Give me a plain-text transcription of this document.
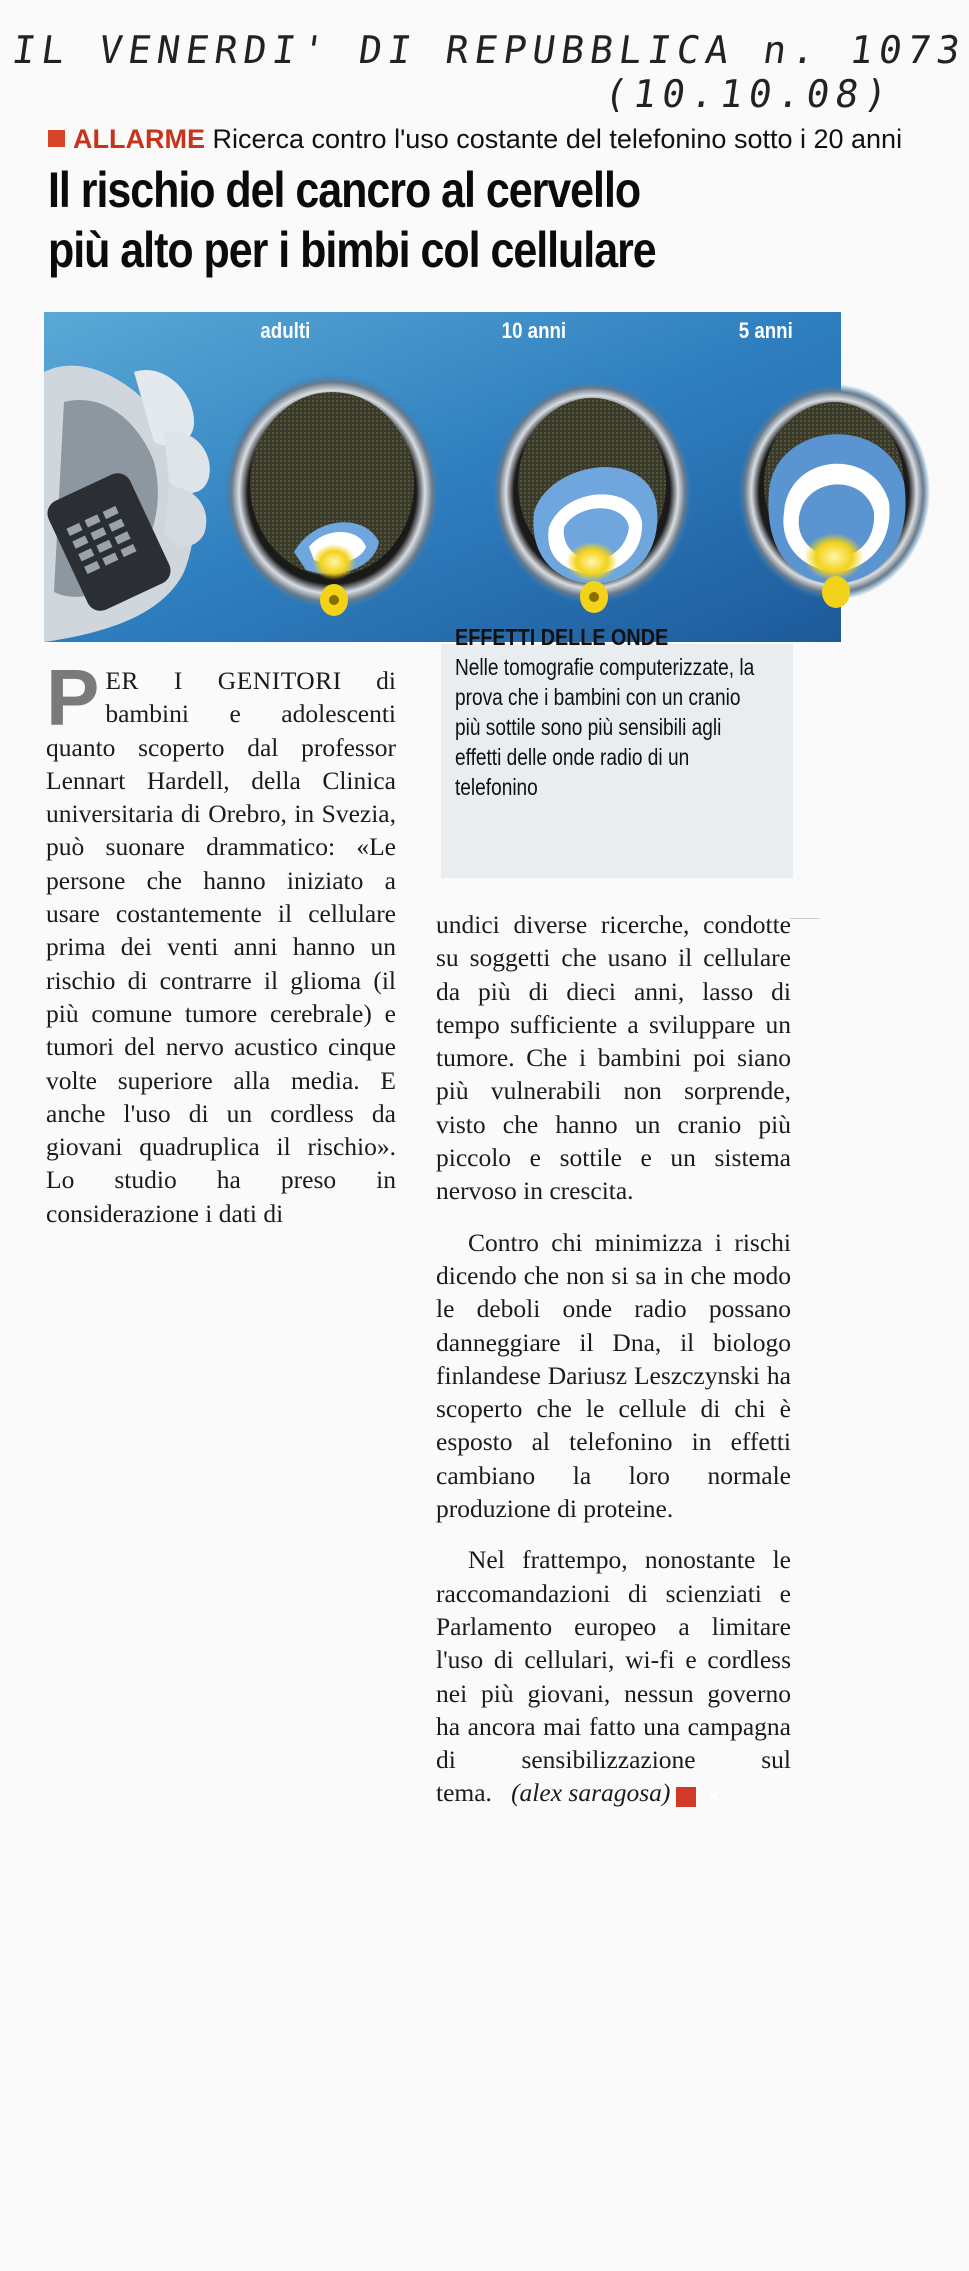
IL VENERDI' DI REPUBBLICA n. 1073
(10.10.08)
ALLARME Ricerca contro l'uso costante del telefonino sotto i 20 anni
Il rischio del cancro al cervello
più alto per i bimbi col cellulare
adulti	10 anni	5 anni
EFFETTI DELLE ONDE
Nelle tomografie computerizzate, la prova che i bambini con un cranio più sottile sono più sensibili agli effetti delle onde radio di un telefonino

PER I GENITORI di bambini e adolescenti quanto scoperto dal professor Lennart Hardell, della Clinica universitaria di Orebro, in Svezia, può suonare drammatico: «Le persone che hanno iniziato a usare costantemente il cellulare prima dei venti anni hanno un rischio di contrarre il glioma (il più comune tumore cerebrale) e tumori del nervo acustico cinque volte superiore alla media. E anche l'uso di un cordless da giovani quadruplica il rischio». Lo studio ha preso in considerazione i dati di

undici diverse ricerche, condotte su soggetti che usano il cellulare da più di dieci anni, lasso di tempo sufficiente a sviluppare un tumore. Che i bambini poi siano più vulnerabili non sorprende, visto che hanno un cranio più piccolo e sottile e un sistema nervoso in crescita.

Contro chi minimizza i rischi dicendo che non si sa in che modo le deboli onde radio possano danneggiare il Dna, il biologo finlandese Dariusz Leszczynski ha scoperto che le cellule di chi è esposto al telefonino in effetti cambiano la loro normale produzione di proteine.

Nel frattempo, nonostante le raccomandazioni di scienziati e Parlamento europeo a limitare l'uso di cellulari, wi-fi e cordless nei più giovani, nessun governo ha ancora mai fatto una campagna di sensibilizzazione sul tema. (alex saragosa) ×
